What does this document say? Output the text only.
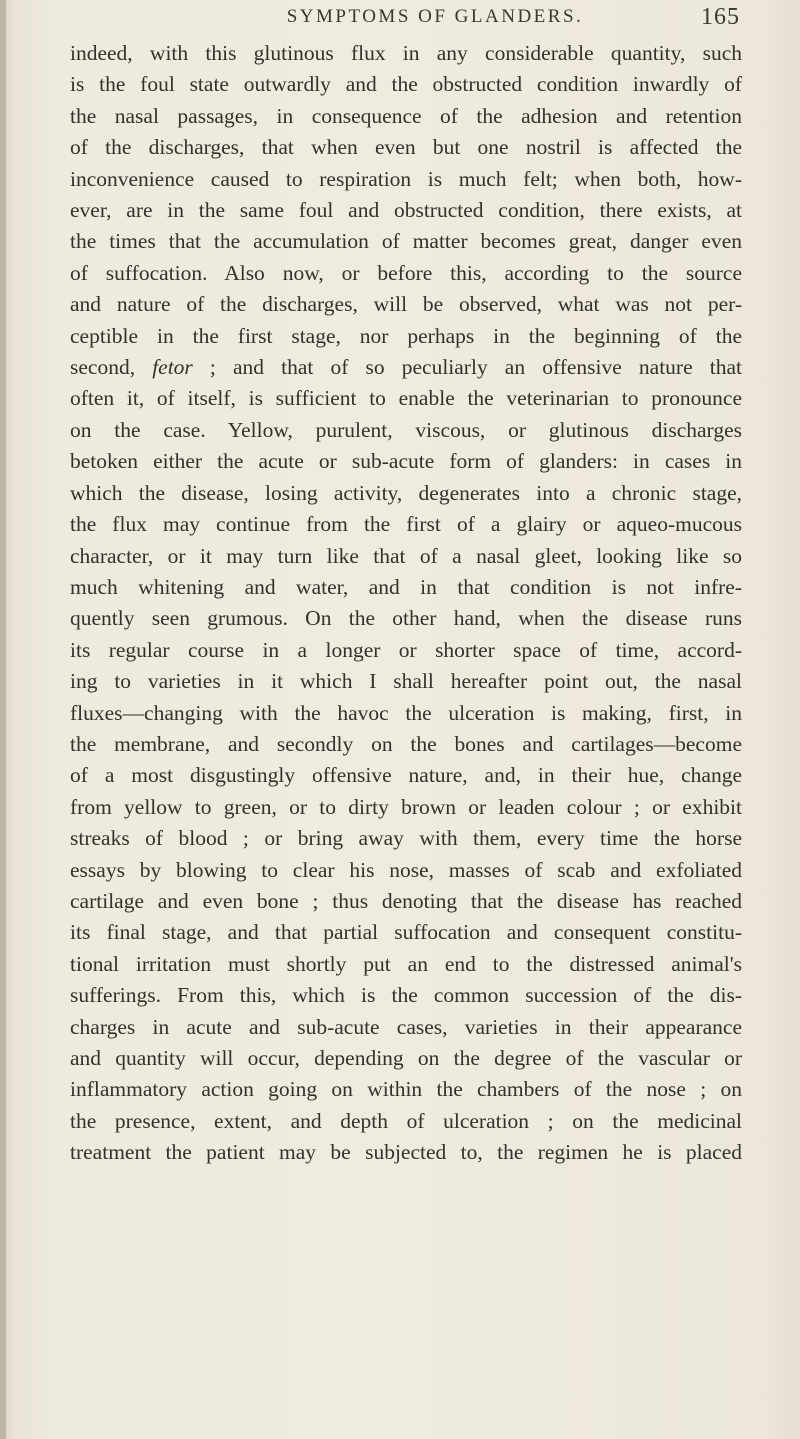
SYMPTOMS OF GLANDERS.	165
indeed, with this glutinous flux in any considerable quantity, such
is the foul state outwardly and the obstructed condition inwardly of
the nasal passages, in consequence of the adhesion and retention
of the discharges, that when even but one nostril is affected the
inconvenience caused to respiration is much felt; when both, how-
ever, are in the same foul and obstructed condition, there exists, at
the times that the accumulation of matter becomes great, danger even
of suffocation. Also now, or before this, according to the source
and nature of the discharges, will be observed, what was not per-
ceptible in the first stage, nor perhaps in the beginning of the
second, fetor ; and that of so peculiarly an offensive nature that
often it, of itself, is sufficient to enable the veterinarian to pronounce
on the case. Yellow, purulent, viscous, or glutinous discharges
betoken either the acute or sub-acute form of glanders: in cases in
which the disease, losing activity, degenerates into a chronic stage,
the flux may continue from the first of a glairy or aqueo-mucous
character, or it may turn like that of a nasal gleet, looking like so
much whitening and water, and in that condition is not infre-
quently seen grumous. On the other hand, when the disease runs
its regular course in a longer or shorter space of time, accord-
ing to varieties in it which I shall hereafter point out, the nasal
fluxes—changing with the havoc the ulceration is making, first, in
the membrane, and secondly on the bones and cartilages—become
of a most disgustingly offensive nature, and, in their hue, change
from yellow to green, or to dirty brown or leaden colour ; or exhibit
streaks of blood ; or bring away with them, every time the horse
essays by blowing to clear his nose, masses of scab and exfoliated
cartilage and even bone ; thus denoting that the disease has reached
its final stage, and that partial suffocation and consequent constitu-
tional irritation must shortly put an end to the distressed animal's
sufferings. From this, which is the common succession of the dis-
charges in acute and sub-acute cases, varieties in their appearance
and quantity will occur, depending on the degree of the vascular or
inflammatory action going on within the chambers of the nose ; on
the presence, extent, and depth of ulceration ; on the medicinal
treatment the patient may be subjected to, the regimen he is placed
